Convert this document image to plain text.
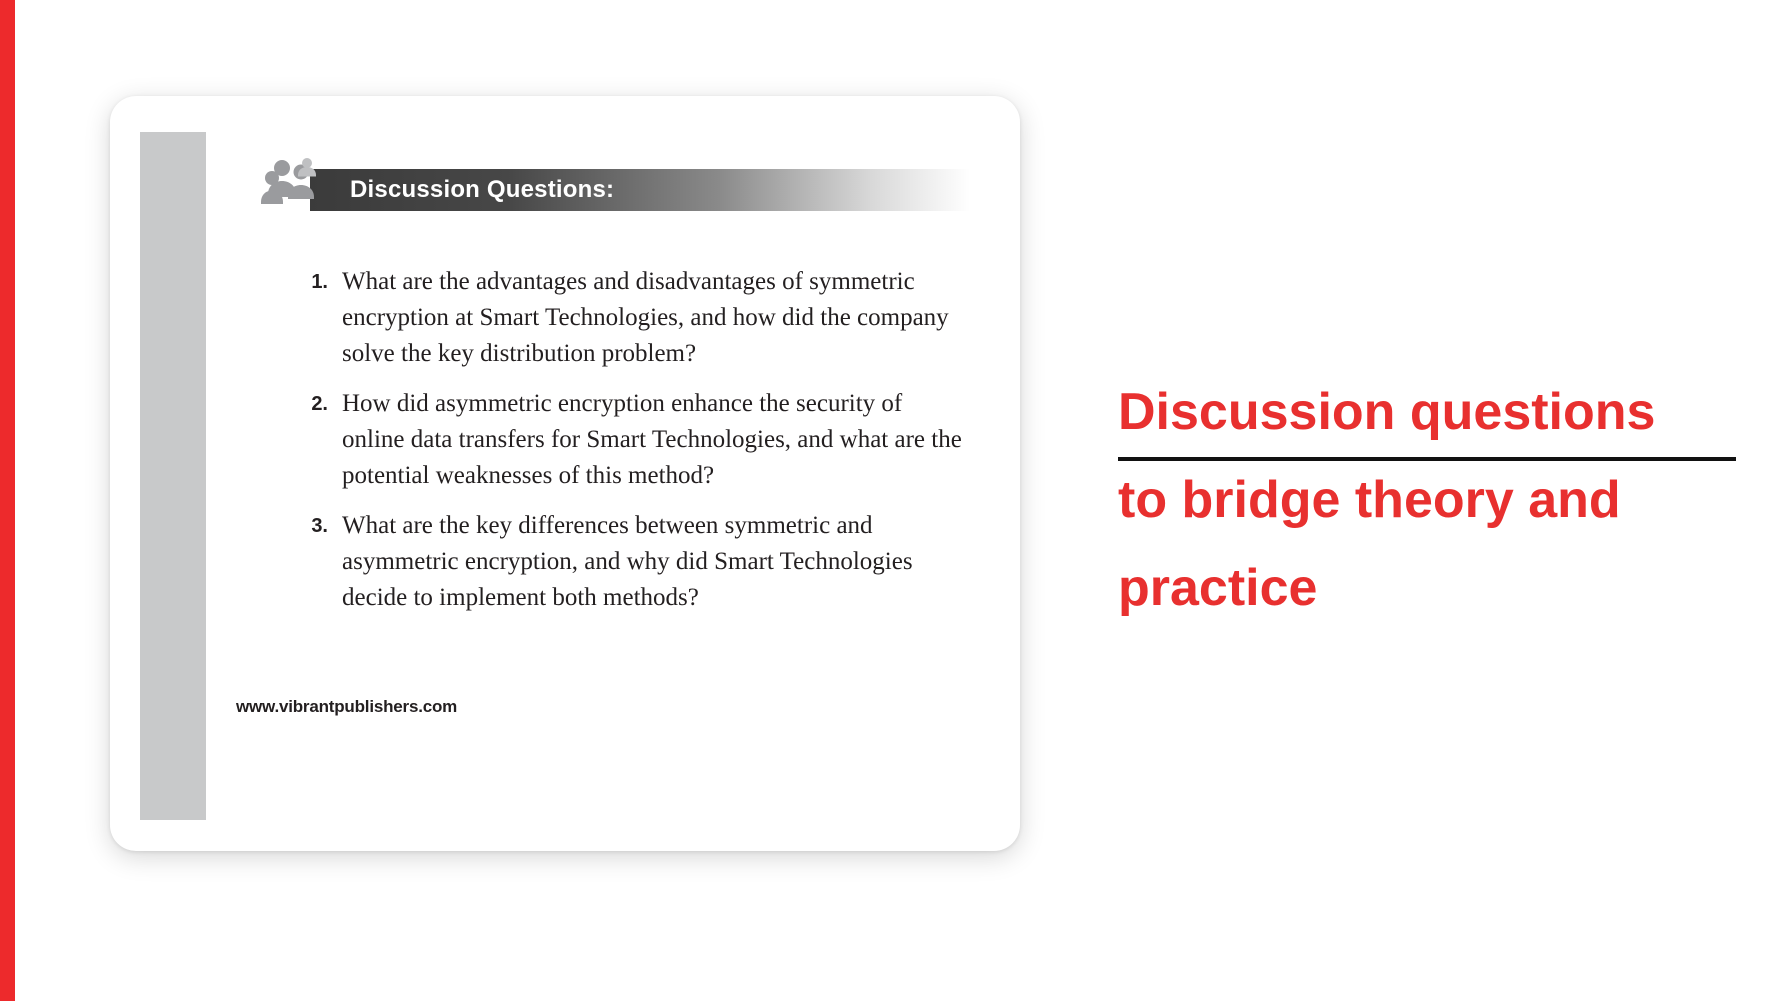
Discussion Questions:
1. What are the advantages and disadvantages of symmetric encryption at Smart Technologies, and how did the company solve the key distribution problem?
2. How did asymmetric encryption enhance the security of online data transfers for Smart Technologies, and what are the potential weaknesses of this method?
3. What are the key differences between symmetric and asymmetric encryption, and why did Smart Technologies decide to implement both methods?
www.vibrantpublishers.com
Discussion questions
to bridge theory and
practice
